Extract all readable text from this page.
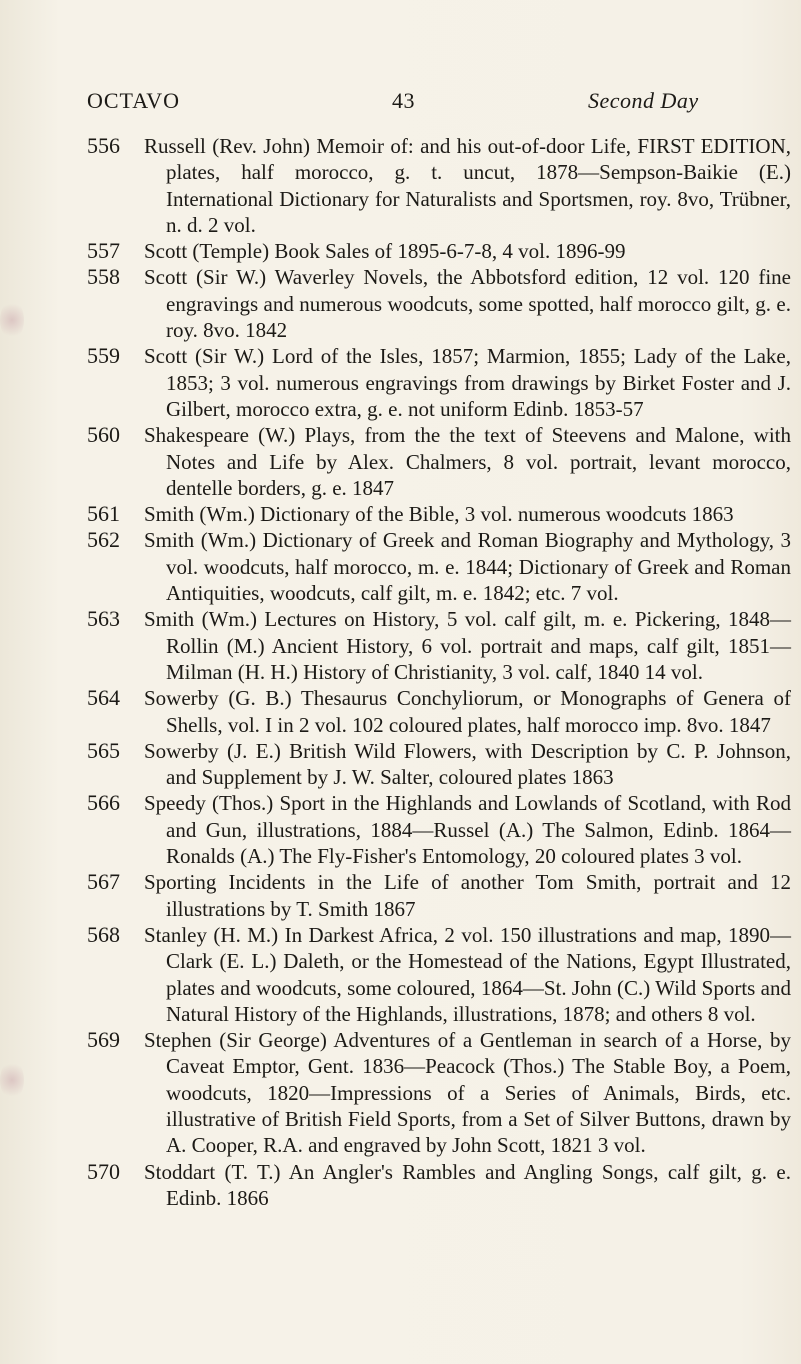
OCTAVO	43	Second Day
556 Russell (Rev. John) Memoir of: and his out-of-door Life, FIRST EDITION, plates, half morocco, g. t. uncut, 1878—Sempson-Baikie (E.) International Dictionary for Naturalists and Sportsmen, roy. 8vo, Trübner, n. d. 2 vol.
557 Scott (Temple) Book Sales of 1895-6-7-8, 4 vol. 1896-99
558 Scott (Sir W.) Waverley Novels, the Abbotsford edition, 12 vol. 120 fine engravings and numerous woodcuts, some spotted, half morocco gilt, g. e. roy. 8vo. 1842
559 Scott (Sir W.) Lord of the Isles, 1857; Marmion, 1855; Lady of the Lake, 1853; 3 vol. numerous engravings from drawings by Birket Foster and J. Gilbert, morocco extra, g. e. not uniform Edinb. 1853-57
560 Shakespeare (W.) Plays, from the the text of Steevens and Malone, with Notes and Life by Alex. Chalmers, 8 vol. portrait, levant morocco, dentelle borders, g. e. 1847
561 Smith (Wm.) Dictionary of the Bible, 3 vol. numerous woodcuts 1863
562 Smith (Wm.) Dictionary of Greek and Roman Biography and Mythology, 3 vol. woodcuts, half morocco, m. e. 1844; Dictionary of Greek and Roman Antiquities, woodcuts, calf gilt, m. e. 1842; etc. 7 vol.
563 Smith (Wm.) Lectures on History, 5 vol. calf gilt, m. e. Pickering, 1848—Rollin (M.) Ancient History, 6 vol. portrait and maps, calf gilt, 1851—Milman (H. H.) History of Christianity, 3 vol. calf, 1840 14 vol.
564 Sowerby (G. B.) Thesaurus Conchyliorum, or Monographs of Genera of Shells, vol. I in 2 vol. 102 coloured plates, half morocco imp. 8vo. 1847
565 Sowerby (J. E.) British Wild Flowers, with Description by C. P. Johnson, and Supplement by J. W. Salter, coloured plates 1863
566 Speedy (Thos.) Sport in the Highlands and Lowlands of Scotland, with Rod and Gun, illustrations, 1884—Russel (A.) The Salmon, Edinb. 1864—Ronalds (A.) The Fly-Fisher's Entomology, 20 coloured plates 3 vol.
567 Sporting Incidents in the Life of another Tom Smith, portrait and 12 illustrations by T. Smith 1867
568 Stanley (H. M.) In Darkest Africa, 2 vol. 150 illustrations and map, 1890—Clark (E. L.) Daleth, or the Homestead of the Nations, Egypt Illustrated, plates and woodcuts, some coloured, 1864—St. John (C.) Wild Sports and Natural History of the Highlands, illustrations, 1878; and others 8 vol.
569 Stephen (Sir George) Adventures of a Gentleman in search of a Horse, by Caveat Emptor, Gent. 1836—Peacock (Thos.) The Stable Boy, a Poem, woodcuts, 1820—Impressions of a Series of Animals, Birds, etc. illustrative of British Field Sports, from a Set of Silver Buttons, drawn by A. Cooper, R.A. and engraved by John Scott, 1821 3 vol.
570 Stoddart (T. T.) An Angler's Rambles and Angling Songs, calf gilt, g. e. Edinb. 1866
